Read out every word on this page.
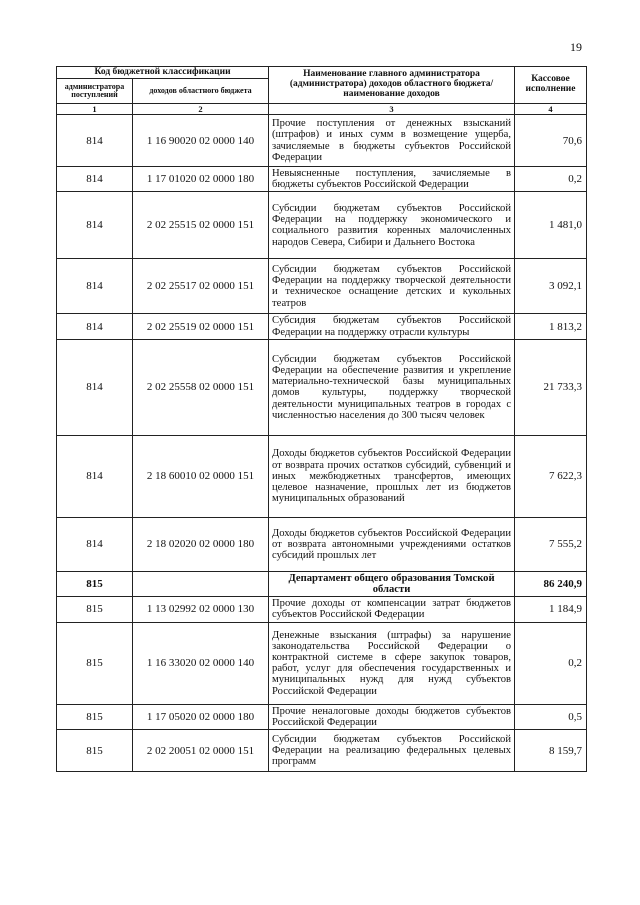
19
Код бюджетной классификации		Наименование главного администратора (администратора) доходов областного бюджета/ наименование доходов	Кассовое исполнение
администратора поступлений	доходов областного бюджета		
1	2	3	4
814	1 16 90020 02 0000 140	Прочие поступления от денежных взысканий (штрафов) и иных сумм в возмещение ущерба, зачисляемые в бюджеты субъектов Российской Федерации	70,6
814	1 17 01020 02 0000 180	Невыясненные поступления, зачисляемые в бюджеты субъектов Российской Федерации	0,2
814	2 02 25515 02 0000 151	Субсидии бюджетам субъектов Российской Федерации на поддержку экономического и социального развития коренных малочисленных народов Севера, Сибири и Дальнего Востока	1 481,0
814	2 02 25517 02 0000 151	Субсидии бюджетам субъектов Российской Федерации на поддержку творческой деятельности и техническое оснащение детских и кукольных театров	3 092,1
814	2 02 25519 02 0000 151	Субсидия бюджетам субъектов Российской Федерации на поддержку отрасли культуры	1 813,2
814	2 02 25558 02 0000 151	Субсидии бюджетам субъектов Российской Федерации на обеспечение развития и укрепление материально-технической базы муниципальных домов культуры, поддержку творческой деятельности муниципальных театров в городах с численностью населения до 300 тысяч человек	21 733,3
814	2 18 60010 02 0000 151	Доходы бюджетов субъектов Российской Федерации от возврата прочих остатков субсидий, субвенций и иных межбюджетных трансфертов, имеющих целевое назначение, прошлых лет из бюджетов муниципальных образований	7 622,3
814	2 18 02020 02 0000 180	Доходы бюджетов субъектов Российской Федерации от возврата автономными учреждениями остатков субсидий прошлых лет	7 555,2
815		Департамент общего образования Томской области	86 240,9
815	1 13 02992 02 0000 130	Прочие доходы от компенсации затрат бюджетов субъектов Российской Федерации	1 184,9
815	1 16 33020 02 0000 140	Денежные взыскания (штрафы) за нарушение законодательства Российской Федерации о контрактной системе в сфере закупок товаров, работ, услуг для обеспечения государственных и муниципальных нужд для нужд субъектов Российской Федерации	0,2
815	1 17 05020 02 0000 180	Прочие неналоговые доходы бюджетов субъектов Российской Федерации	0,5
815	2 02 20051 02 0000 151	Субсидии бюджетам субъектов Российской Федерации на реализацию федеральных целевых программ	8 159,7
